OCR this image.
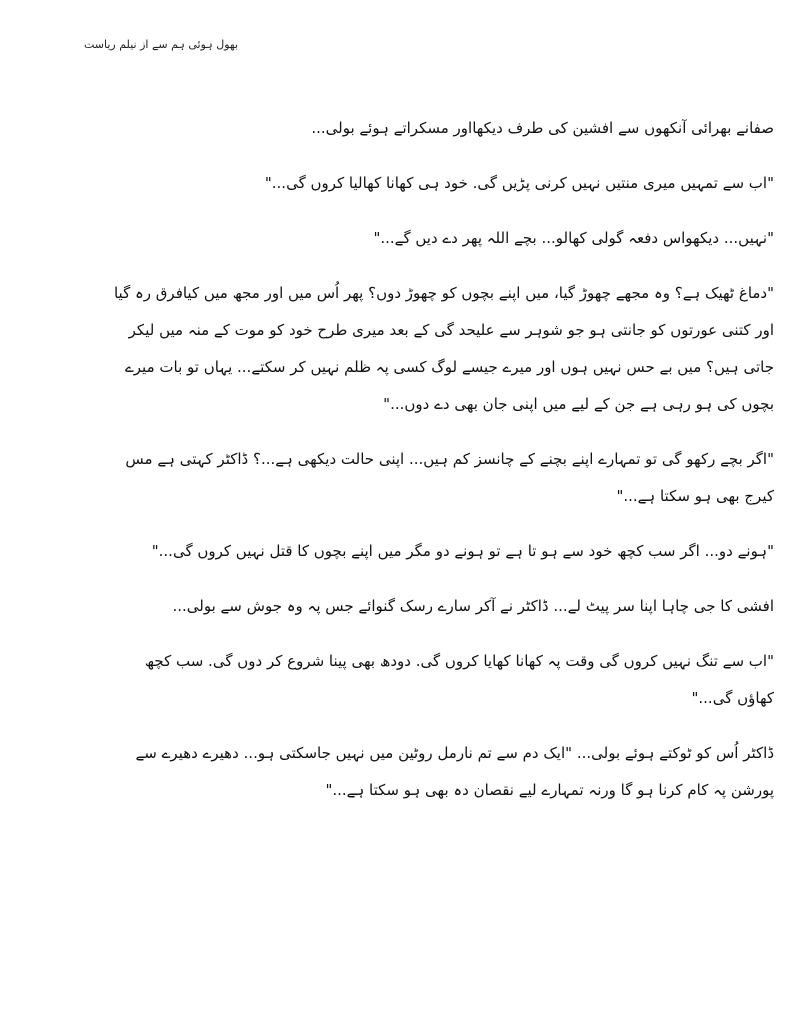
بھول ہوئی ہم سے از نیلم ریاست

صفانے بھرائی آنکھوں سے افشین کی طرف دیکھااور مسکراتے ہوئے بولی...

"اب سے تمہیں میری منتیں نہیں کرنی پڑیں گی. خود ہی کھانا کھالیا کروں گی..."

"نہیں... دیکھواس دفعہ گولی کھالو... بچے اللہ پھر دے دیں گے..."

"دماغ ٹھیک ہے؟ وہ مجھے چھوڑ گیا، میں اپنے بچوں کو چھوڑ دوں؟ پھر اُس میں اور مجھ میں کیافرق رہ گیا اور کتنی عورتوں کو جانتی ہو جو شوہر سے علیحد گی کے بعد میری طرح خود کو موت کے منہ میں لیکر جاتی ہیں؟ میں بے حس نہیں ہوں اور میرے جیسے لوگ کسی پہ ظلم نہیں کر سکتے... یہاں تو بات میرے بچوں کی ہو رہی ہے جن کے لیے میں اپنی جان بھی دے دوں..."

"اگر بچے رکھو گی تو تمہارے اپنے بچنے کے چانسز کم ہیں... اپنی حالت دیکھی ہے...؟ ڈاکٹر کہتی ہے مس کیرج بھی ہو سکتا ہے..."

"ہونے دو... اگر سب کچھ خود سے ہو تا ہے تو ہونے دو مگر میں اپنے بچوں کا قتل نہیں کروں گی..."

افشی کا جی چاہا اپنا سر پیٹ لے... ڈاکٹر نے آکر سارے رسک گنوائے جس پہ وہ جوش سے بولی...

"اب سے تنگ نہیں کروں گی وقت پہ کھانا کھایا کروں گی. دودھ بھی پینا شروع کر دوں گی. سب کچھ کھاؤں گی..."

ڈاکٹر اُس کو ٹوکتے ہوئے بولی... "ایک دم سے تم نارمل روٹین میں نہیں جاسکتی ہو... دھیرے دھیرے سے پورشن پہ کام کرنا ہو گا ورنہ تمہارے لیے نقصان دہ بھی ہو سکتا ہے..."
